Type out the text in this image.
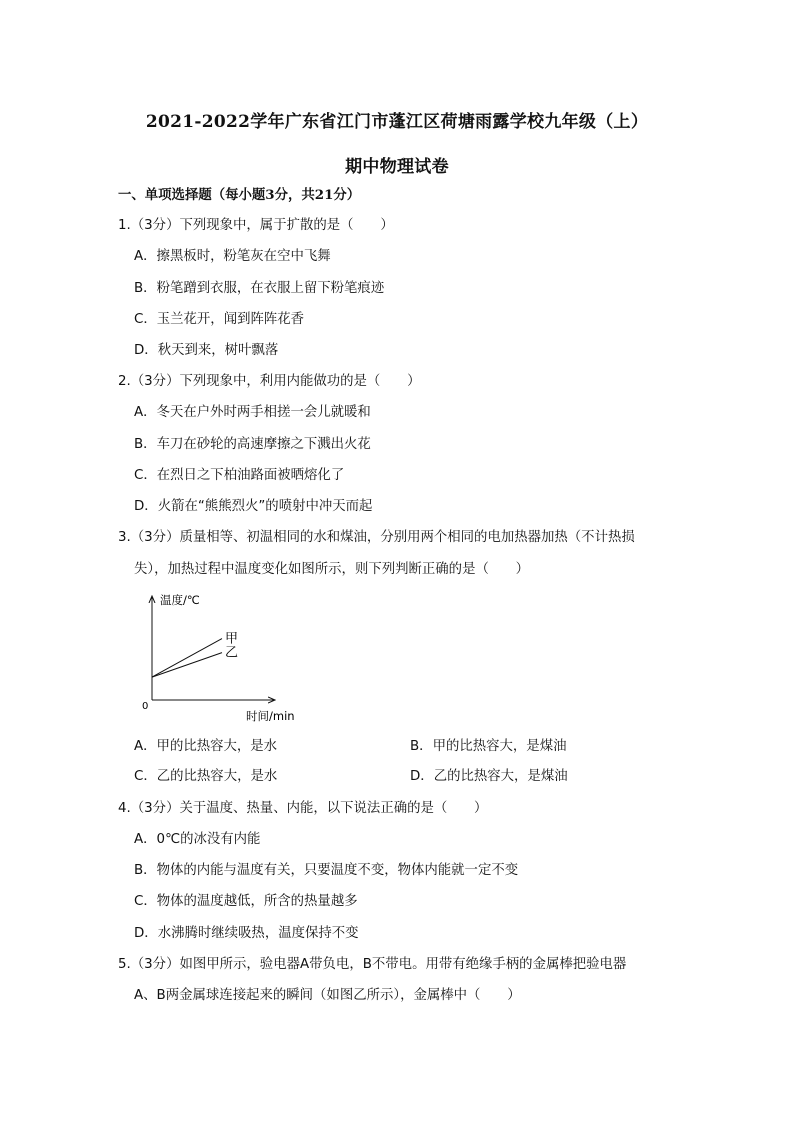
2021-2022学年广东省江门市蓬江区荷塘雨露学校九年级（上）
期中物理试卷
一、单项选择题（每小题3分，共21分）
1.（3分）下列现象中，属于扩散的是（　　）
A．擦黑板时，粉笔灰在空中飞舞
B．粉笔蹭到衣服，在衣服上留下粉笔痕迹
C．玉兰花开，闻到阵阵花香
D．秋天到来，树叶飘落
2.（3分）下列现象中，利用内能做功的是（　　）
A．冬天在户外时两手相搓一会儿就暖和
B．车刀在砂轮的高速摩擦之下溅出火花
C．在烈日之下柏油路面被晒熔化了
D．火箭在“熊熊烈火”的喷射中冲天而起
3.（3分）质量相等、初温相同的水和煤油，分别用两个相同的电加热器加热（不计热损
失），加热过程中温度变化如图所示，则下列判断正确的是（　　）
温度/℃
时间/min
0
甲
乙
A．甲的比热容大，是水	B．甲的比热容大，是煤油
C．乙的比热容大，是水	D．乙的比热容大，是煤油
4.（3分）关于温度、热量、内能，以下说法正确的是（　　）
A．0℃的冰没有内能
B．物体的内能与温度有关，只要温度不变，物体内能就一定不变
C．物体的温度越低，所含的热量越多
D．水沸腾时继续吸热，温度保持不变
5.（3分）如图甲所示，验电器A带负电，B不带电。用带有绝缘手柄的金属棒把验电器
A、B两金属球连接起来的瞬间（如图乙所示），金属棒中（　　）
